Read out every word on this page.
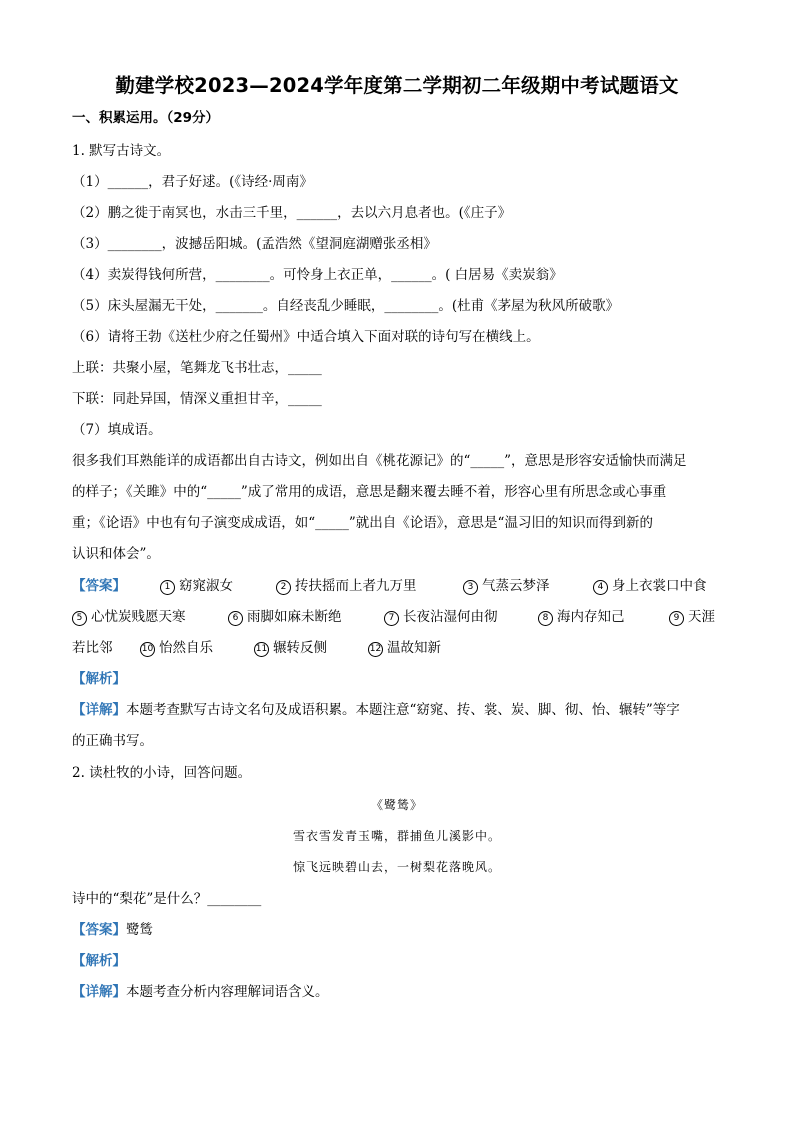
勤建学校2023—2024学年度第二学期初二年级期中考试题语文
一、积累运用。（29分）
1. 默写古诗文。
（1）______，君子好逑。(《诗经·周南》
（2）鹏之徙于南冥也，水击三千里，______，去以六月息者也。(《庄子》
（3）________，波撼岳阳城。(孟浩然《望洞庭湖赠张丞相》
（4）卖炭得钱何所营，________。可怜身上衣正单，______。( 白居易《卖炭翁》
（5）床头屋漏无干处，_______。自经丧乱少睡眠，________。(杜甫《茅屋为秋风所破歌》
（6）请将王勃《送杜少府之任蜀州》中适合填入下面对联的诗句写在横线上。
上联：共聚小屋，笔舞龙飞书壮志，_____
下联：同赴异国，情深义重担甘辛，_____
（7）填成语。
很多我们耳熟能详的成语都出自古诗文，例如出自《桃花源记》的“_____”，意思是形容安适愉快而满足
的样子；《关雎》中的“_____”成了常用的成语，意思是翻来覆去睡不着，形容心里有所思念或心事重
重；《论语》中也有句子演变成成语，如“_____”就出自《论语》，意思是“温习旧的知识而得到新的
认识和体会”。
【答案】	1 窈窕淑女	2 抟扶摇而上者九万里	3 气蒸云梦泽	4 身上衣裳口中食
5 心忧炭贱愿天寒	6 雨脚如麻未断绝	7 长夜沾湿何由彻	8 海内存知己	9 天涯
若比邻	10 怡然自乐	11 辗转反侧	12 温故知新
【解析】
【详解】本题考查默写古诗文名句及成语积累。本题注意“窈窕、抟、裳、炭、脚、彻、怡、辗转”等字
的正确书写。
2. 读杜牧的小诗，回答问题。
《鹭鸶》
雪衣雪发青玉嘴，群捕鱼儿溪影中。
惊飞远映碧山去，一树梨花落晚风。
诗中的“梨花”是什么？________
【答案】鹭鸶
【解析】
【详解】本题考查分析内容理解词语含义。
